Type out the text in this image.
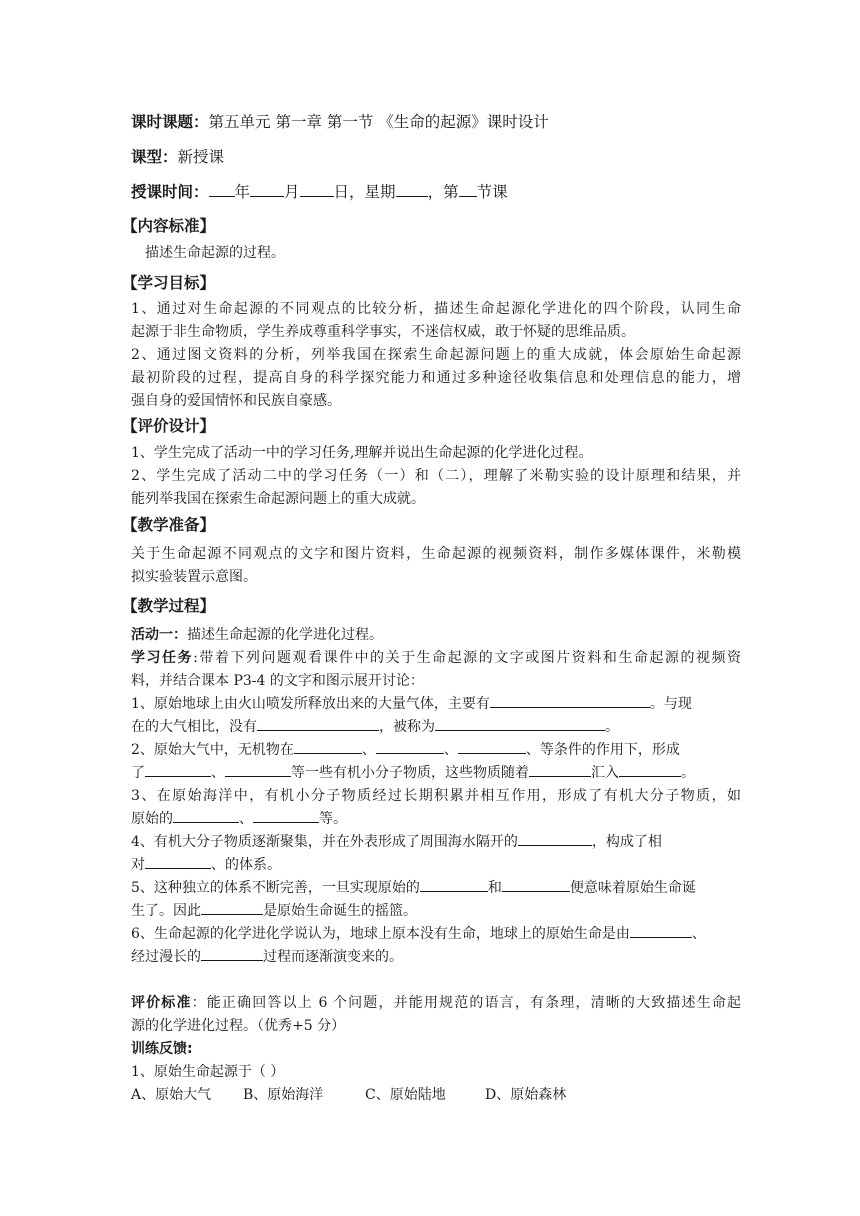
课时课题：第五单元 第一章 第一节 《生命的起源》课时设计
课型：新授课
授课时间： 年 月 日，星期 ，第 节课
【内容标准】
描述生命起源的过程。
【学习目标】
1、通过对生命起源的不同观点的比较分析，描述生命起源化学进化的四个阶段，认同生命
起源于非生命物质，学生养成尊重科学事实，不迷信权威，敢于怀疑的思维品质。
2、通过图文资料的分析，列举我国在探索生命起源问题上的重大成就，体会原始生命起源
最初阶段的过程，提高自身的科学探究能力和通过多种途径收集信息和处理信息的能力，增
强自身的爱国情怀和民族自豪感。
【评价设计】
1、学生完成了活动一中的学习任务,理解并说出生命起源的化学进化过程。
2、学生完成了活动二中的学习任务（一）和（二），理解了米勒实验的设计原理和结果，并
能列举我国在探索生命起源问题上的重大成就。
【教学准备】
关于生命起源不同观点的文字和图片资料，生命起源的视频资料，制作多媒体课件，米勒模
拟实验装置示意图。
【教学过程】
活动一：描述生命起源的化学进化过程。
学习任务:带着下列问题观看课件中的关于生命起源的文字或图片资料和生命起源的视频资
料，并结合课本 P3-4 的文字和图示展开讨论：
1、原始地球上由火山喷发所释放出来的大量气体，主要有	。与现
在的大气相比，没有	，被称为	。
2、原始大气中，无机物在	、	、	、等条件的作用下，形成
了	、	等一些有机小分子物质，这些物质随着	汇入	。
3、在原始海洋中，有机小分子物质经过长期积累并相互作用，形成了有机大分子物质，如
原始的	、	等。
4、有机大分子物质逐渐聚集，并在外表形成了周围海水隔开的	，构成了相
对	、的体系。
5、这种独立的体系不断完善，一旦实现原始的	和	便意味着原始生命诞
生了。因此	是原始生命诞生的摇篮。
6、生命起源的化学进化学说认为，地球上原本没有生命，地球上的原始生命是由	、
经过漫长的	过程而逐渐演变来的。
评价标准：能正确回答以上 6 个问题，并能用规范的语言，有条理，清晰的大致描述生命起
源的化学进化过程。（优秀+5 分）
训练反馈:
1、原始生命起源于（ ）
A、原始大气 B、原始海洋	C、原始陆地	D、原始森林
